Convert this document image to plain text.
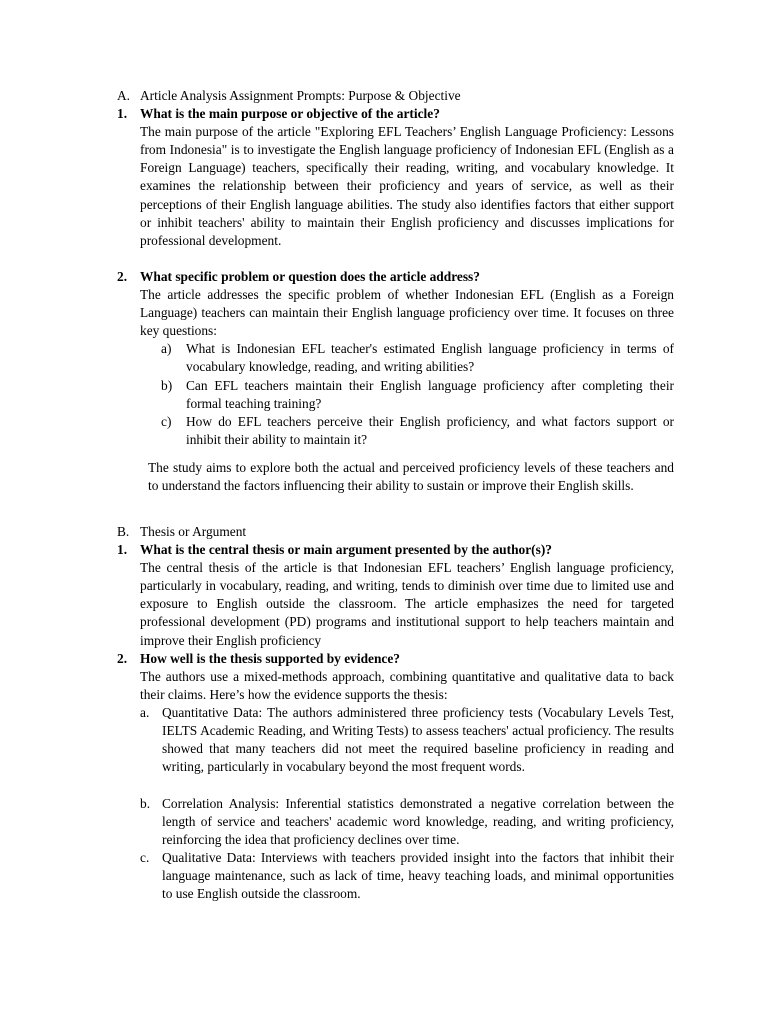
A. Article Analysis Assignment Prompts: Purpose & Objective
1. What is the main purpose or objective of the article?
The main purpose of the article "Exploring EFL Teachers’ English Language Proficiency: Lessons from Indonesia" is to investigate the English language proficiency of Indonesian EFL (English as a Foreign Language) teachers, specifically their reading, writing, and vocabulary knowledge. It examines the relationship between their proficiency and years of service, as well as their perceptions of their English language abilities. The study also identifies factors that either support or inhibit teachers' ability to maintain their English proficiency and discusses implications for professional development.
2. What specific problem or question does the article address?
The article addresses the specific problem of whether Indonesian EFL (English as a Foreign Language) teachers can maintain their English language proficiency over time. It focuses on three key questions:
a)	What is Indonesian EFL teacher's estimated English language proficiency in terms of vocabulary knowledge, reading, and writing abilities?
b)	Can EFL teachers maintain their English language proficiency after completing their formal teaching training?
c)	How do EFL teachers perceive their English proficiency, and what factors support or inhibit their ability to maintain it?
The study aims to explore both the actual and perceived proficiency levels of these teachers and to understand the factors influencing their ability to sustain or improve their English skills.
B. Thesis or Argument
1. What is the central thesis or main argument presented by the author(s)?
The central thesis of the article is that Indonesian EFL teachers’ English language proficiency, particularly in vocabulary, reading, and writing, tends to diminish over time due to limited use and exposure to English outside the classroom. The article emphasizes the need for targeted professional development (PD) programs and institutional support to help teachers maintain and improve their English proficiency
2. How well is the thesis supported by evidence?
The authors use a mixed-methods approach, combining quantitative and qualitative data to back their claims. Here’s how the evidence supports the thesis:
a. Quantitative Data: The authors administered three proficiency tests (Vocabulary Levels Test, IELTS Academic Reading, and Writing Tests) to assess teachers' actual proficiency. The results showed that many teachers did not meet the required baseline proficiency in reading and writing, particularly in vocabulary beyond the most frequent words.
b. Correlation Analysis: Inferential statistics demonstrated a negative correlation between the length of service and teachers' academic word knowledge, reading, and writing proficiency, reinforcing the idea that proficiency declines over time.
c. Qualitative Data: Interviews with teachers provided insight into the factors that inhibit their language maintenance, such as lack of time, heavy teaching loads, and minimal opportunities to use English outside the classroom.
